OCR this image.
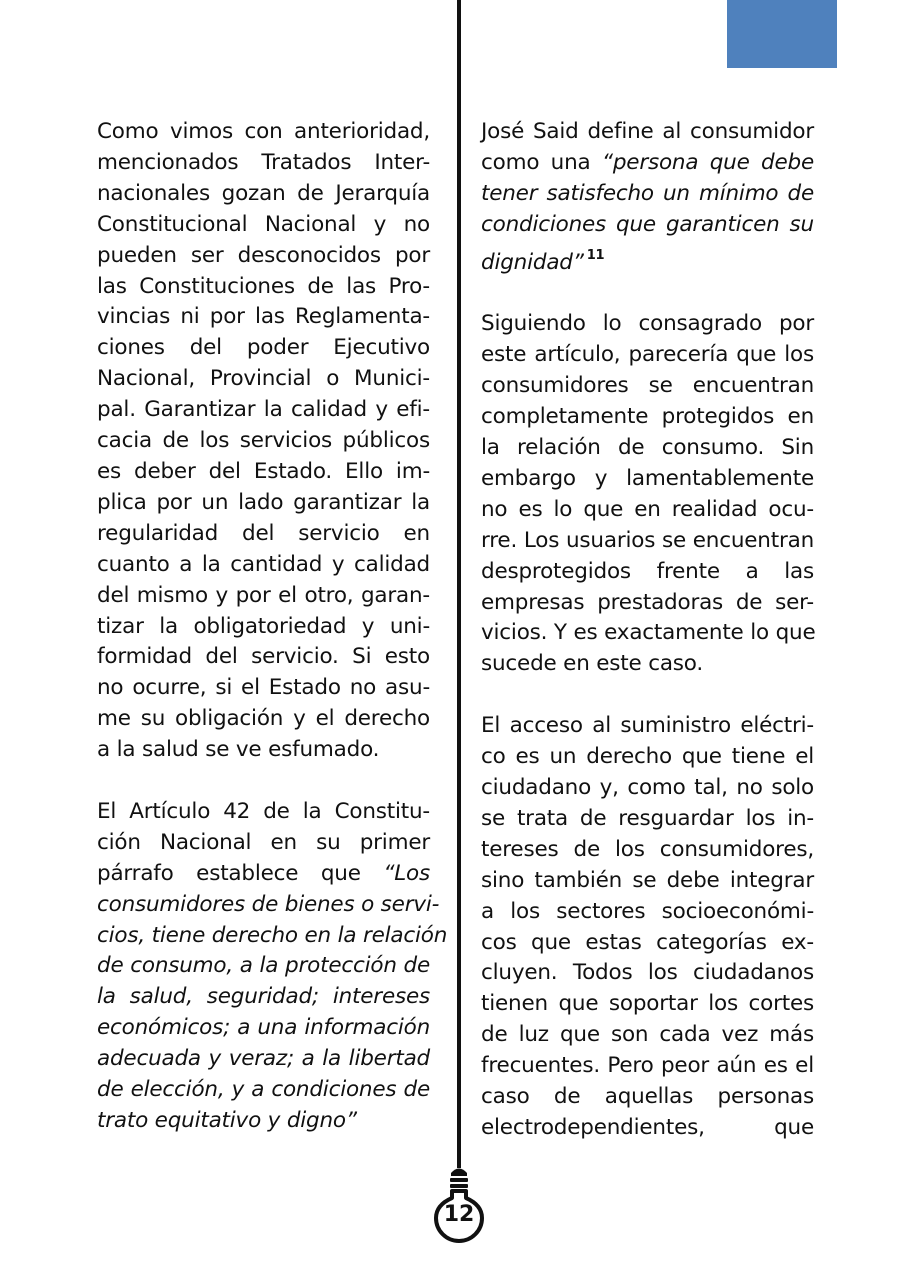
Como vimos con anterioridad,
mencionados Tratados Inter-
nacionales gozan de Jerarquía
Constitucional Nacional y no
pueden ser desconocidos por
las Constituciones de las Pro-
vincias ni por las Reglamenta-
ciones del poder Ejecutivo
Nacional, Provincial o Munici-
pal. Garantizar la calidad y efi-
cacia de los servicios públicos
es deber del Estado. Ello im-
plica por un lado garantizar la
regularidad del servicio en
cuanto a la cantidad y calidad
del mismo y por el otro, garan-
tizar la obligatoriedad y uni-
formidad del servicio. Si esto
no ocurre, si el Estado no asu-
me su obligación y el derecho
a la salud se ve esfumado.

El Artículo 42 de la Constitu-
ción Nacional en su primer
párrafo establece que “Los
consumidores de bienes o servi-
cios, tiene derecho en la relación
de consumo, a la protección de
la salud, seguridad; intereses
económicos; a una información
adecuada y veraz; a la libertad
de elección, y a condiciones de
trato equitativo y digno”

José Said define al consumidor
como una “persona que debe
tener satisfecho un mínimo de
condiciones que garanticen su
dignidad” $^{11}$

Siguiendo lo consagrado por
este artículo, parecería que los
consumidores se encuentran
completamente protegidos en
la relación de consumo. Sin
embargo y lamentablemente
no es lo que en realidad ocu-
rre. Los usuarios se encuentran
desprotegidos frente a las
empresas prestadoras de ser-
vicios. Y es exactamente lo que
sucede en este caso.

El acceso al suministro eléctri-
co es un derecho que tiene el
ciudadano y, como tal, no solo
se trata de resguardar los in-
tereses de los consumidores,
sino también se debe integrar
a los sectores socioeconómi-
cos que estas categorías ex-
cluyen. Todos los ciudadanos
tienen que soportar los cortes
de luz que son cada vez más
frecuentes. Pero peor aún es el
caso de aquellas personas
electrodependientes, que

12
